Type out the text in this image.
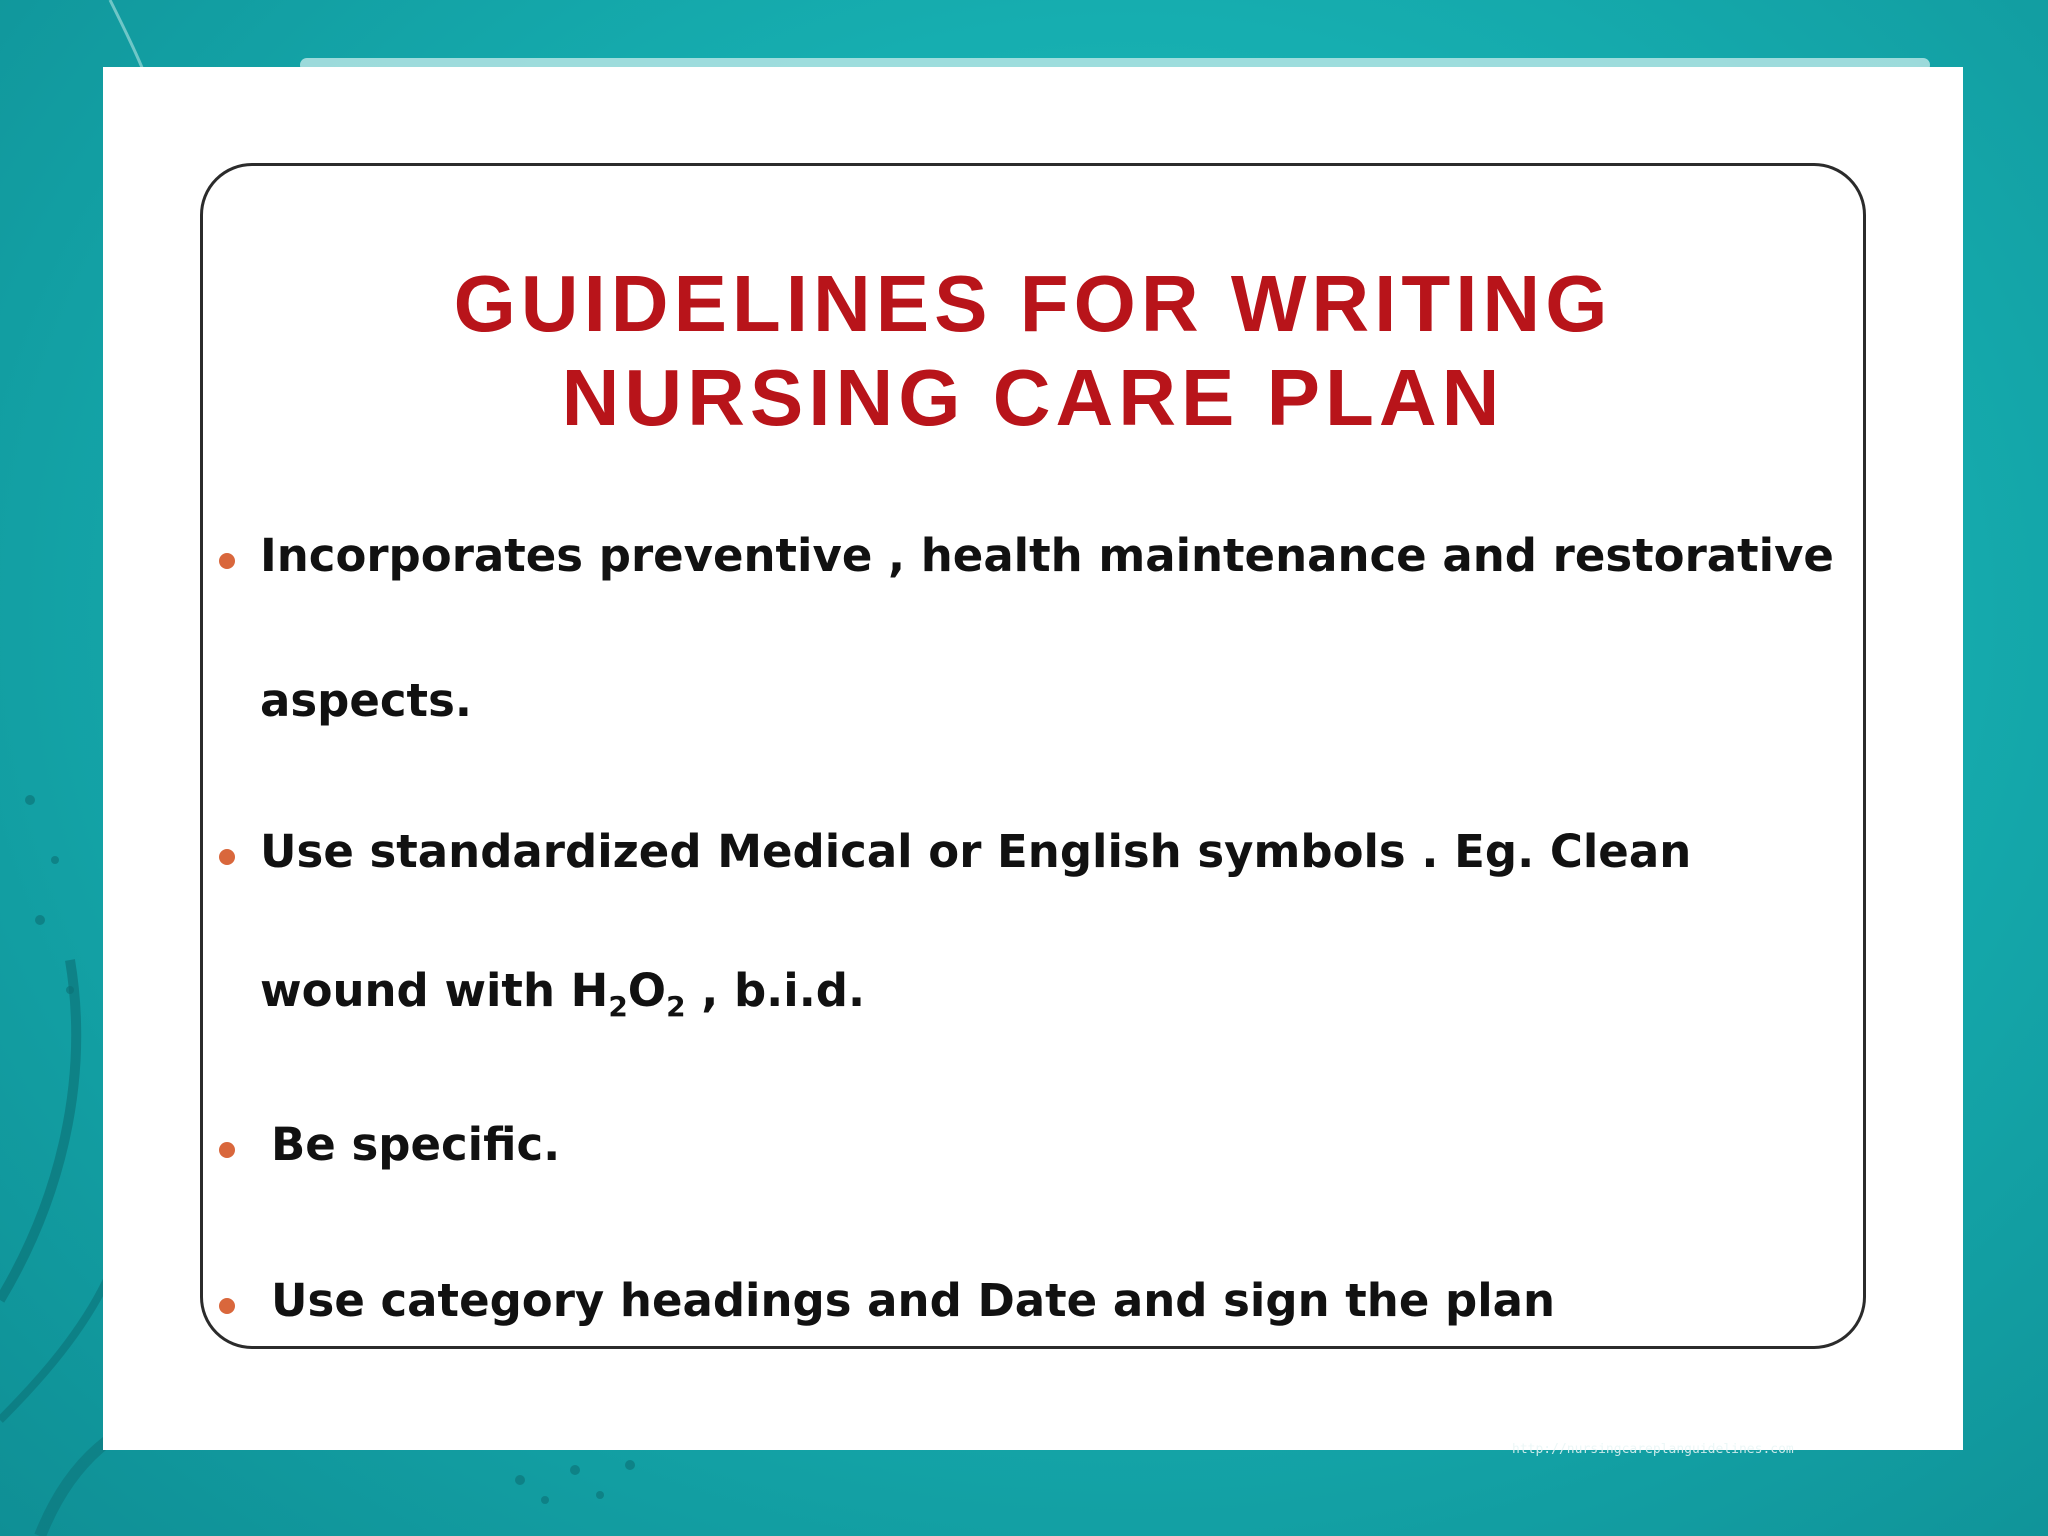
GUIDELINES FOR WRITING
NURSING CARE PLAN
Incorporates preventive , health maintenance and restorative
aspects.
Use standardized Medical or English symbols . Eg. Clean
wound with $H_2O_2$ , b.i.d.
Be specific.
Use category headings and Date and sign the plan
http://nursingcareplanguidelines.com
